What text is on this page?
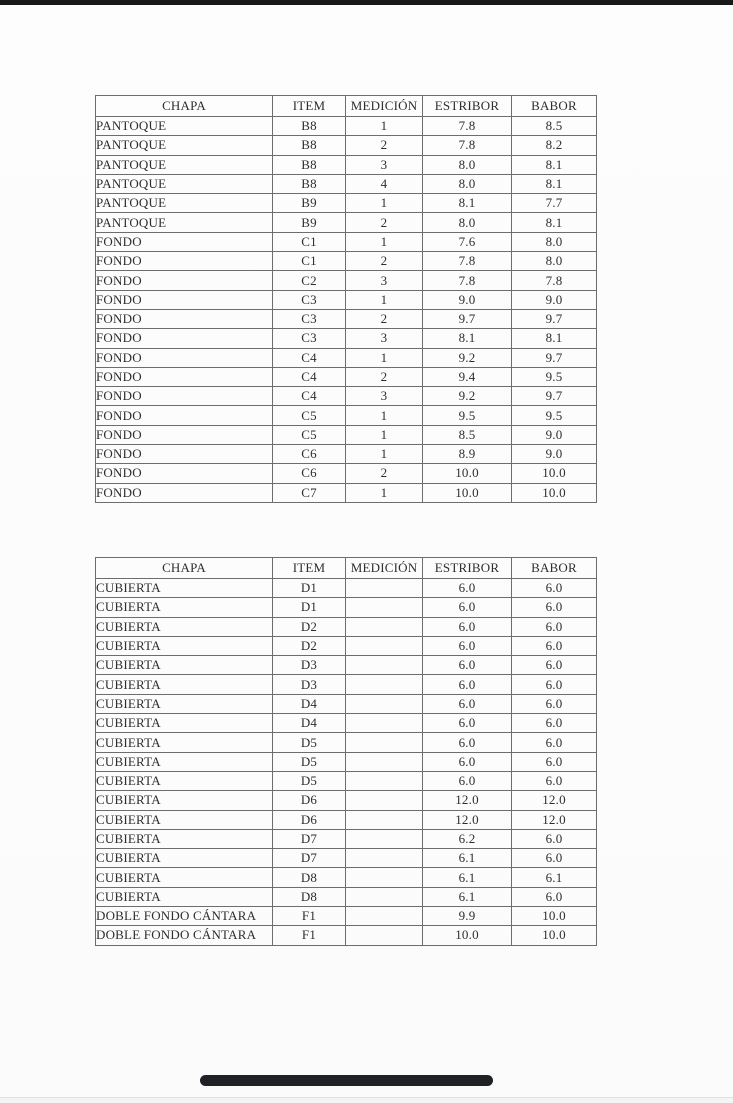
CHAPA	ITEM	MEDICIÓN	ESTRIBOR	BABOR
PANTOQUE	B8	1	7.8	8.5
PANTOQUE	B8	2	7.8	8.2
PANTOQUE	B8	3	8.0	8.1
PANTOQUE	B8	4	8.0	8.1
PANTOQUE	B9	1	8.1	7.7
PANTOQUE	B9	2	8.0	8.1
FONDO	C1	1	7.6	8.0
FONDO	C1	2	7.8	8.0
FONDO	C2	3	7.8	7.8
FONDO	C3	1	9.0	9.0
FONDO	C3	2	9.7	9.7
FONDO	C3	3	8.1	8.1
FONDO	C4	1	9.2	9.7
FONDO	C4	2	9.4	9.5
FONDO	C4	3	9.2	9.7
FONDO	C5	1	9.5	9.5
FONDO	C5	1	8.5	9.0
FONDO	C6	1	8.9	9.0
FONDO	C6	2	10.0	10.0
FONDO	C7	1	10.0	10.0
CHAPA	ITEM	MEDICIÓN	ESTRIBOR	BABOR
CUBIERTA	D1		6.0	6.0
CUBIERTA	D1		6.0	6.0
CUBIERTA	D2		6.0	6.0
CUBIERTA	D2		6.0	6.0
CUBIERTA	D3		6.0	6.0
CUBIERTA	D3		6.0	6.0
CUBIERTA	D4		6.0	6.0
CUBIERTA	D4		6.0	6.0
CUBIERTA	D5		6.0	6.0
CUBIERTA	D5		6.0	6.0
CUBIERTA	D5		6.0	6.0
CUBIERTA	D6		12.0	12.0
CUBIERTA	D6		12.0	12.0
CUBIERTA	D7		6.2	6.0
CUBIERTA	D7		6.1	6.0
CUBIERTA	D8		6.1	6.1
CUBIERTA	D8		6.1	6.0
DOBLE FONDO CÁNTARA	F1		9.9	10.0
DOBLE FONDO CÁNTARA	F1		10.0	10.0
